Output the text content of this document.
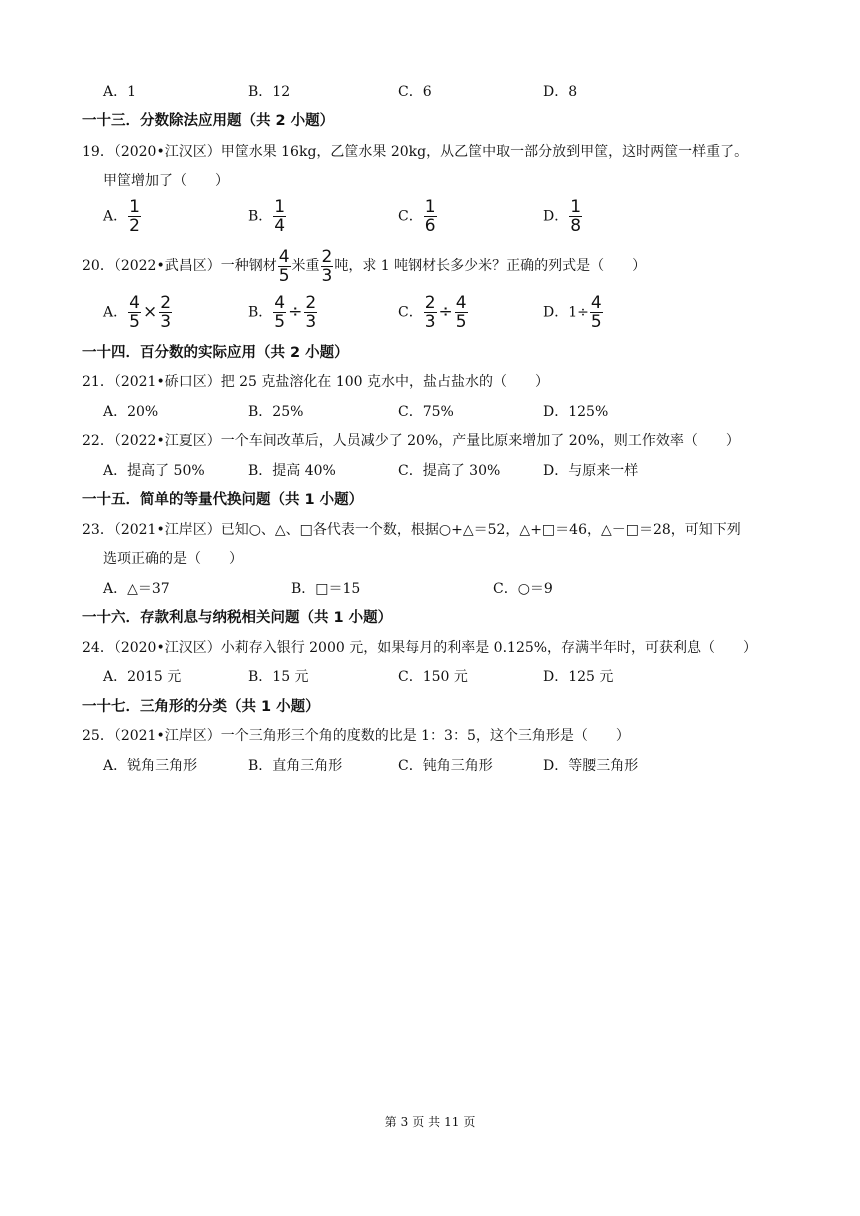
A．1	B．12	C．6	D．8
一十三．分数除法应用题（共 2 小题）
19．（2020•江汉区）甲筐水果 16kg，乙筐水果 20kg，从乙筐中取一部分放到甲筐，这时两筐一样重了。
甲筐增加了（　　）
A． $\frac{1}{2}$	B． $\frac{1}{4}$	C． $\frac{1}{6}$	D． $\frac{1}{8}$
20．（2022•武昌区）一种钢材 $\frac{4}{5}$ 米重 $\frac{2}{3}$ 吨，求 1 吨钢材长多少米？正确的列式是（　　）
A． $\frac{4}{5} \times \frac{2}{3}$	B． $\frac{4}{5} \div \frac{2}{3}$	C． $\frac{2}{3} \div \frac{4}{5}$	D．$1\div \frac{4}{5}$
一十四．百分数的实际应用（共 2 小题）
21．（2021•硚口区）把 25 克盐溶化在 100 克水中，盐占盐水的（　　）
A．20%	B．25%	C．75%	D．125%
22．（2022•江夏区）一个车间改革后，人员减少了 20%，产量比原来增加了 20%，则工作效率（　　）
A．提高了 50%	B．提高 40%	C．提高了 30%	D．与原来一样
一十五．简单的等量代换问题（共 1 小题）
23．（2021•江岸区）已知○、△、□各代表一个数，根据○+△＝52，△+□＝46，△－□＝28，可知下列
选项正确的是（　　）
A．△＝37	B．□＝15	C．○＝9
一十六．存款利息与纳税相关问题（共 1 小题）
24．（2020•江汉区）小莉存入银行 2000 元，如果每月的利率是 0.125%，存满半年时，可获利息（　　）
A．2015 元	B．15 元	C．150 元	D．125 元
一十七．三角形的分类（共 1 小题）
25．（2021•江岸区）一个三角形三个角的度数的比是 1：3：5，这个三角形是（　　）
A．锐角三角形	B．直角三角形	C．钝角三角形	D．等腰三角形
第 3 页 共 11 页
